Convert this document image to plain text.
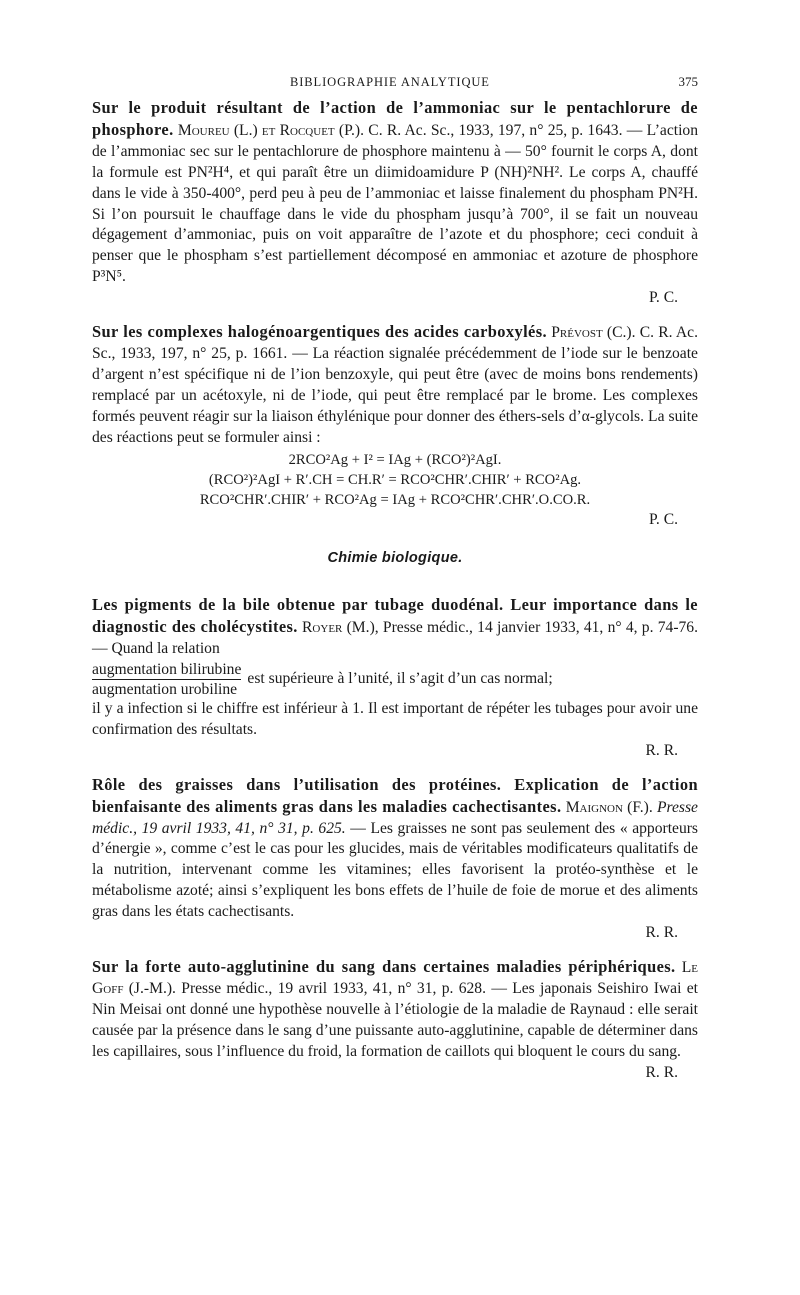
BIBLIOGRAPHIE ANALYTIQUE	375

Sur le produit résultant de l’action de l’ammoniac sur le pentachlorure de phosphore. Moureu (L.) et Rocquet (P.). C. R. Ac. Sc., 1933, 197, n° 25, p. 1643. — L’action de l’ammoniac sec sur le pentachlorure de phosphore maintenu à — 50° fournit le corps A, dont la formule est PN²H⁴, et qui paraît être un diimidoamidure P (NH)²NH². Le corps A, chauffé dans le vide à 350-400°, perd peu à peu de l’ammoniac et laisse finalement du phospham PN²H. Si l’on poursuit le chauffage dans le vide du phospham jusqu’à 700°, il se fait un nouveau dégagement d’ammoniac, puis on voit apparaître de l’azote et du phosphore; ceci conduit à penser que le phospham s’est partiellement décomposé en ammoniac et azoture de phosphore P³N⁵.

P. C.

Sur les complexes halogénoargentiques des acides carboxylés. Prévost (C.). C. R. Ac. Sc., 1933, 197, n° 25, p. 1661. — La réaction signalée précédemment de l’iode sur le benzoate d’argent n’est spécifique ni de l’ion benzoxyle, qui peut être (avec de moins bons rendements) remplacé par un acétoxyle, ni de l’iode, qui peut être remplacé par le brome. Les complexes formés peuvent réagir sur la liaison éthylénique pour donner des éthers-sels d’α-glycols. La suite des réactions peut se formuler ainsi :

2RCO²Ag + I² = IAg + (RCO²)²AgI.
(RCO²)²AgI + R′.CH = CH.R′ = RCO²CHR′.CHIR′ + RCO²Ag.
RCO²CHR′.CHIR′ + RCO²Ag = IAg + RCO²CHR′.CHR′.O.CO.R.

P. C.

Chimie biologique.

Les pigments de la bile obtenue par tubage duodénal. Leur importance dans le diagnostic des cholécystites. Royer (M.), Presse médic., 14 janvier 1933, 41, n° 4, p. 74-76. — Quand la relation

$\frac{\text{augmentation bilirubine}}{\text{augmentation urobiline}}$ est supérieure à l’unité, il s’agit d’un cas normal;

il y a infection si le chiffre est inférieur à 1. Il est important de répéter les tubages pour avoir une confirmation des résultats.

R. R.

Rôle des graisses dans l’utilisation des protéines. Explication de l’action bienfaisante des aliments gras dans les maladies cachectisantes. Maignon (F.). Presse médic., 19 avril 1933, 41, n° 31, p. 625. — Les graisses ne sont pas seulement des « apporteurs d’énergie », comme c’est le cas pour les glucides, mais de véritables modificateurs qualitatifs de la nutrition, intervenant comme les vitamines; elles favorisent la protéo-synthèse et le métabolisme azoté; ainsi s’expliquent les bons effets de l’huile de foie de morue et des aliments gras dans les états cachectisants.

R. R.

Sur la forte auto-agglutinine du sang dans certaines maladies périphériques. Le Goff (J.-M.). Presse médic., 19 avril 1933, 41, n° 31, p. 628. — Les japonais Seishiro Iwai et Nin Meisai ont donné une hypothèse nouvelle à l’étiologie de la maladie de Raynaud : elle serait causée par la présence dans le sang d’une puissante auto-agglutinine, capable de déterminer dans les capillaires, sous l’influence du froid, la formation de caillots qui bloquent le cours du sang.

R. R.
